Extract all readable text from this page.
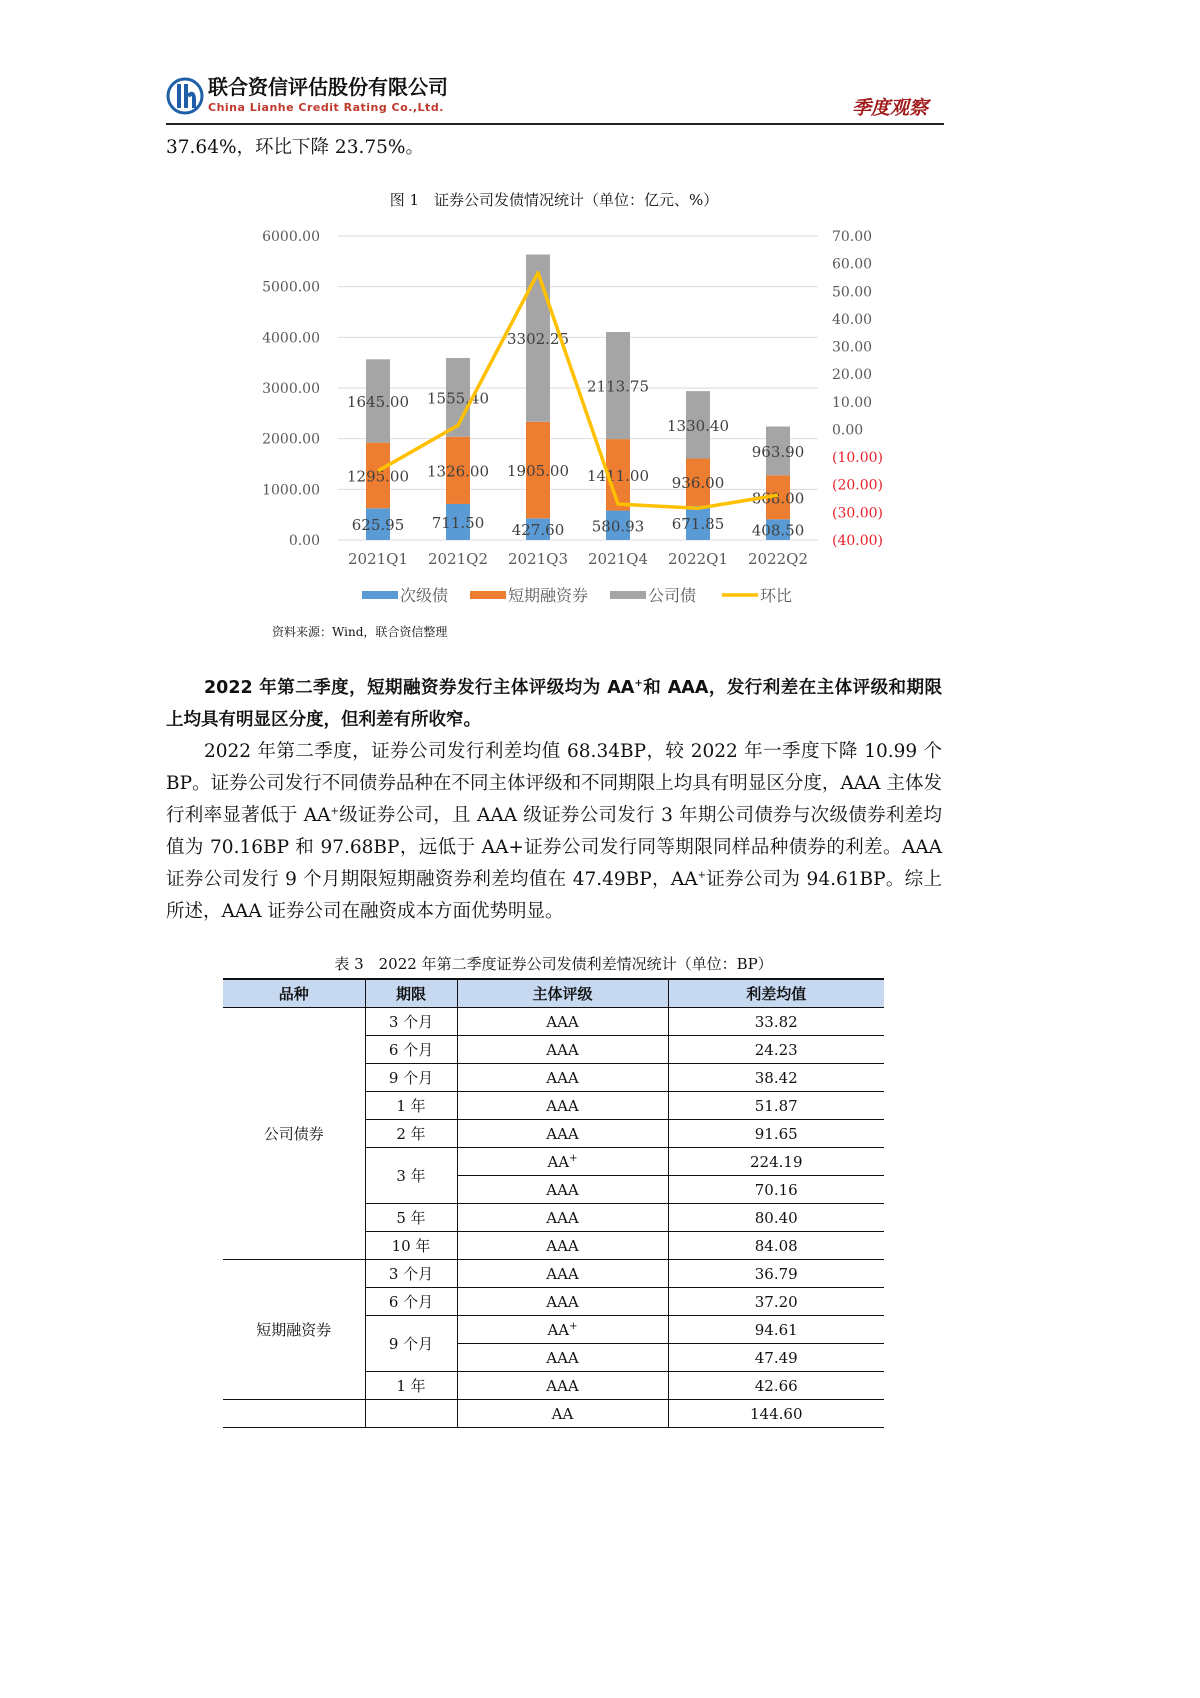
联合资信评估股份有限公司
China Lianhe Credit Rating Co.,Ltd.	季度观察
37.64%，环比下降 23.75%。
图 1　证券公司发债情况统计（单位：亿元、%）
0.00
1000.00
2000.00
3000.00
4000.00
5000.00
6000.00
(40.00)
(30.00)
(20.00)
(10.00)
0.00
10.00
20.00
30.00
40.00
50.00
60.00
70.00
625.95
1295.00
1645.00
2021Q1
711.50
1326.00
1555.40
2021Q2
427.60
1905.00
3302.25
2021Q3
580.93
1411.00
2113.75
2021Q4
671.85
936.00
1330.40
2022Q1
408.50
868.00
963.90
2022Q2
次级债	短期融资券	公司债	环比
资料来源：Wind，联合资信整理
2022 年第二季度，短期融资券发行主体评级均为 AA+和 AAA，发行利差在主体评级和期限上均具有明显区分度，但利差有所收窄。
2022 年第二季度，证券公司发行利差均值 68.34BP，较 2022 年一季度下降 10.99 个 BP。证券公司发行不同债券品种在不同主体评级和不同期限上均具有明显区分度，AAA 主体发行利率显著低于 AA+级证券公司，且 AAA 级证券公司发行 3 年期公司债券与次级债券利差均值为 70.16BP 和 97.68BP，远低于 AA+证券公司发行同等期限同样品种债券的利差。AAA 证券公司发行 9 个月期限短期融资券利差均值在 47.49BP，AA+证券公司为 94.61BP。综上所述，AAA 证券公司在融资成本方面优势明显。
表 3　2022 年第二季度证券公司发债利差情况统计（单位：BP）
品种	期限	主体评级	利差均值
公司债券	3 个月	AAA	33.82
	6 个月	AAA	24.23
	9 个月	AAA	38.42
	1 年	AAA	51.87
	2 年	AAA	91.65
	3 年	AA+	224.19
		AAA	70.16
	5 年	AAA	80.40
	10 年	AAA	84.08
短期融资券	3 个月	AAA	36.79
	6 个月	AAA	37.20
	9 个月	AA+	94.61
		AAA	47.49
	1 年	AAA	42.66
		AA	144.60
